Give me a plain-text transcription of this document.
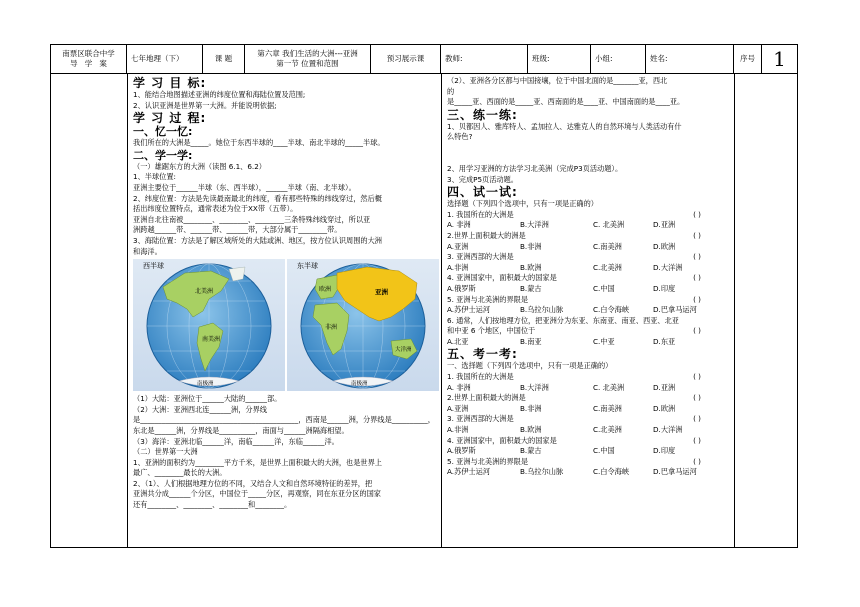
南票区联合中学
导   学   案
七年地理（下）	课 题
第六章 我们生活的大洲---亚洲
第一节 位置和范围
预习展示课	教师:	班级:	小组:	姓名:	序号 1
学 习 目 标:
1、能结合地图描述亚洲的纬度位置和海陆位置及范围;
2、认识亚洲是世界第一大洲。并能说明依据;
学 习 过 程:
一、忆一忆:
我们所在的大洲是_____。她位于东西半球的____半球、南北半球的_____半球。
二、学一学:
（一）雄踞东方的大洲（读图 6.1、6.2）
1、半球位置:
亚洲主要位于______半球（东、西半球），______半球（南、北半球）。
2、纬度位置：方法是先读最南最北的纬度，看有那些特殊的纬线穿过，然后概
括出纬度位置特点，通常表述为位于XX带（五带）。
亚洲自北往南被________、________、________三条特殊纬线穿过，所以亚
洲跨越______带、______带、______带，大部分属于________带。
3、海陆位置：方法是了解区域所处的大陆或洲、地区，按方位认识周围的大洲
和海洋。
西半球
北美洲
南美洲
南极洲
东半球
亚洲
欧洲
非洲
大洋洲
南极洲
（1）大陆：亚洲位于______大陆的______部。
（2）大洲：亚洲西北连______洲，分界线
是____________________________________________，西南是______洲，分界线是__________，
东北是______洲，分界线是__________，南面与______洲隔海相望。
（3）海洋：亚洲北临______洋，南临______洋，东临______洋。
（二）世界第一大洲
1、亚洲的面积约为________平方千米，是世界上面积最大的大洲，也是世界上
最广、________最长的大洲。
2、（1）、人们根据地理方位的不同，又结合人文和自然环境特征的差异，把
亚洲共分成______个分区，中国位于_____分区，再观察，同在东亚分区的国家
还有________、________、________和________。
（2）、亚洲各分区都与中国接壤，位于中国北面的是_______亚，西北
的
是_____亚、西面的是_____亚、西南面的是____亚、中国南面的是____亚。
三、练一练:
1、贝都因人、雅库特人、孟加拉人、达雅克人的自然环境与人类活动有什
么特色?
2、用学习亚洲的方法学习北美洲（完成P3页活动题）。
3、完成P5页活动题。
四、试一试:
选择题（下列四个选项中，只有一项是正确的）
1. 我国所在的大洲是	( )
A. 非洲	B.大洋洲	C. 北美洲	D.亚洲
2.世界上面积最大的洲是	( )
A.亚洲	B.非洲	C.南美洲	D.欧洲
3. 亚洲西部的大洲是	( )
A.非洲	B.欧洲	C.北美洲	D.大洋洲
4. 亚洲国家中，面积最大的国家是	( )
A.俄罗斯	B.蒙古	C.中国	D.印度
5. 亚洲与北美洲的界限是	( )
A.苏伊士运河	B.乌拉尔山脉	C.白令海峡	D.巴拿马运河
6. 通常，人们按地理方位，把亚洲分为东亚、东南亚、南亚、西亚、北亚
和中亚 6 个地区，中国位于	( )
A.北亚	B.南亚	C.中亚	D.东亚
五、考一考:
一、选择题（下列四个选项中，只有一项是正确的）
1. 我国所在的大洲是	( )
A. 非洲	B.大洋洲	C. 北美洲	D.亚洲
2.世界上面积最大的洲是	( )
A.亚洲	B.非洲	C.南美洲	D.欧洲
3. 亚洲西部的大洲是	( )
A.非洲	B.欧洲	C.北美洲	D.大洋洲
4. 亚洲国家中，面积最大的国家是	( )
A.俄罗斯	B.蒙古	C.中国	D.印度
5. 亚洲与北美洲的界限是	( )
A.苏伊士运河	B.乌拉尔山脉	C.白令海峡	D.巴拿马运河
